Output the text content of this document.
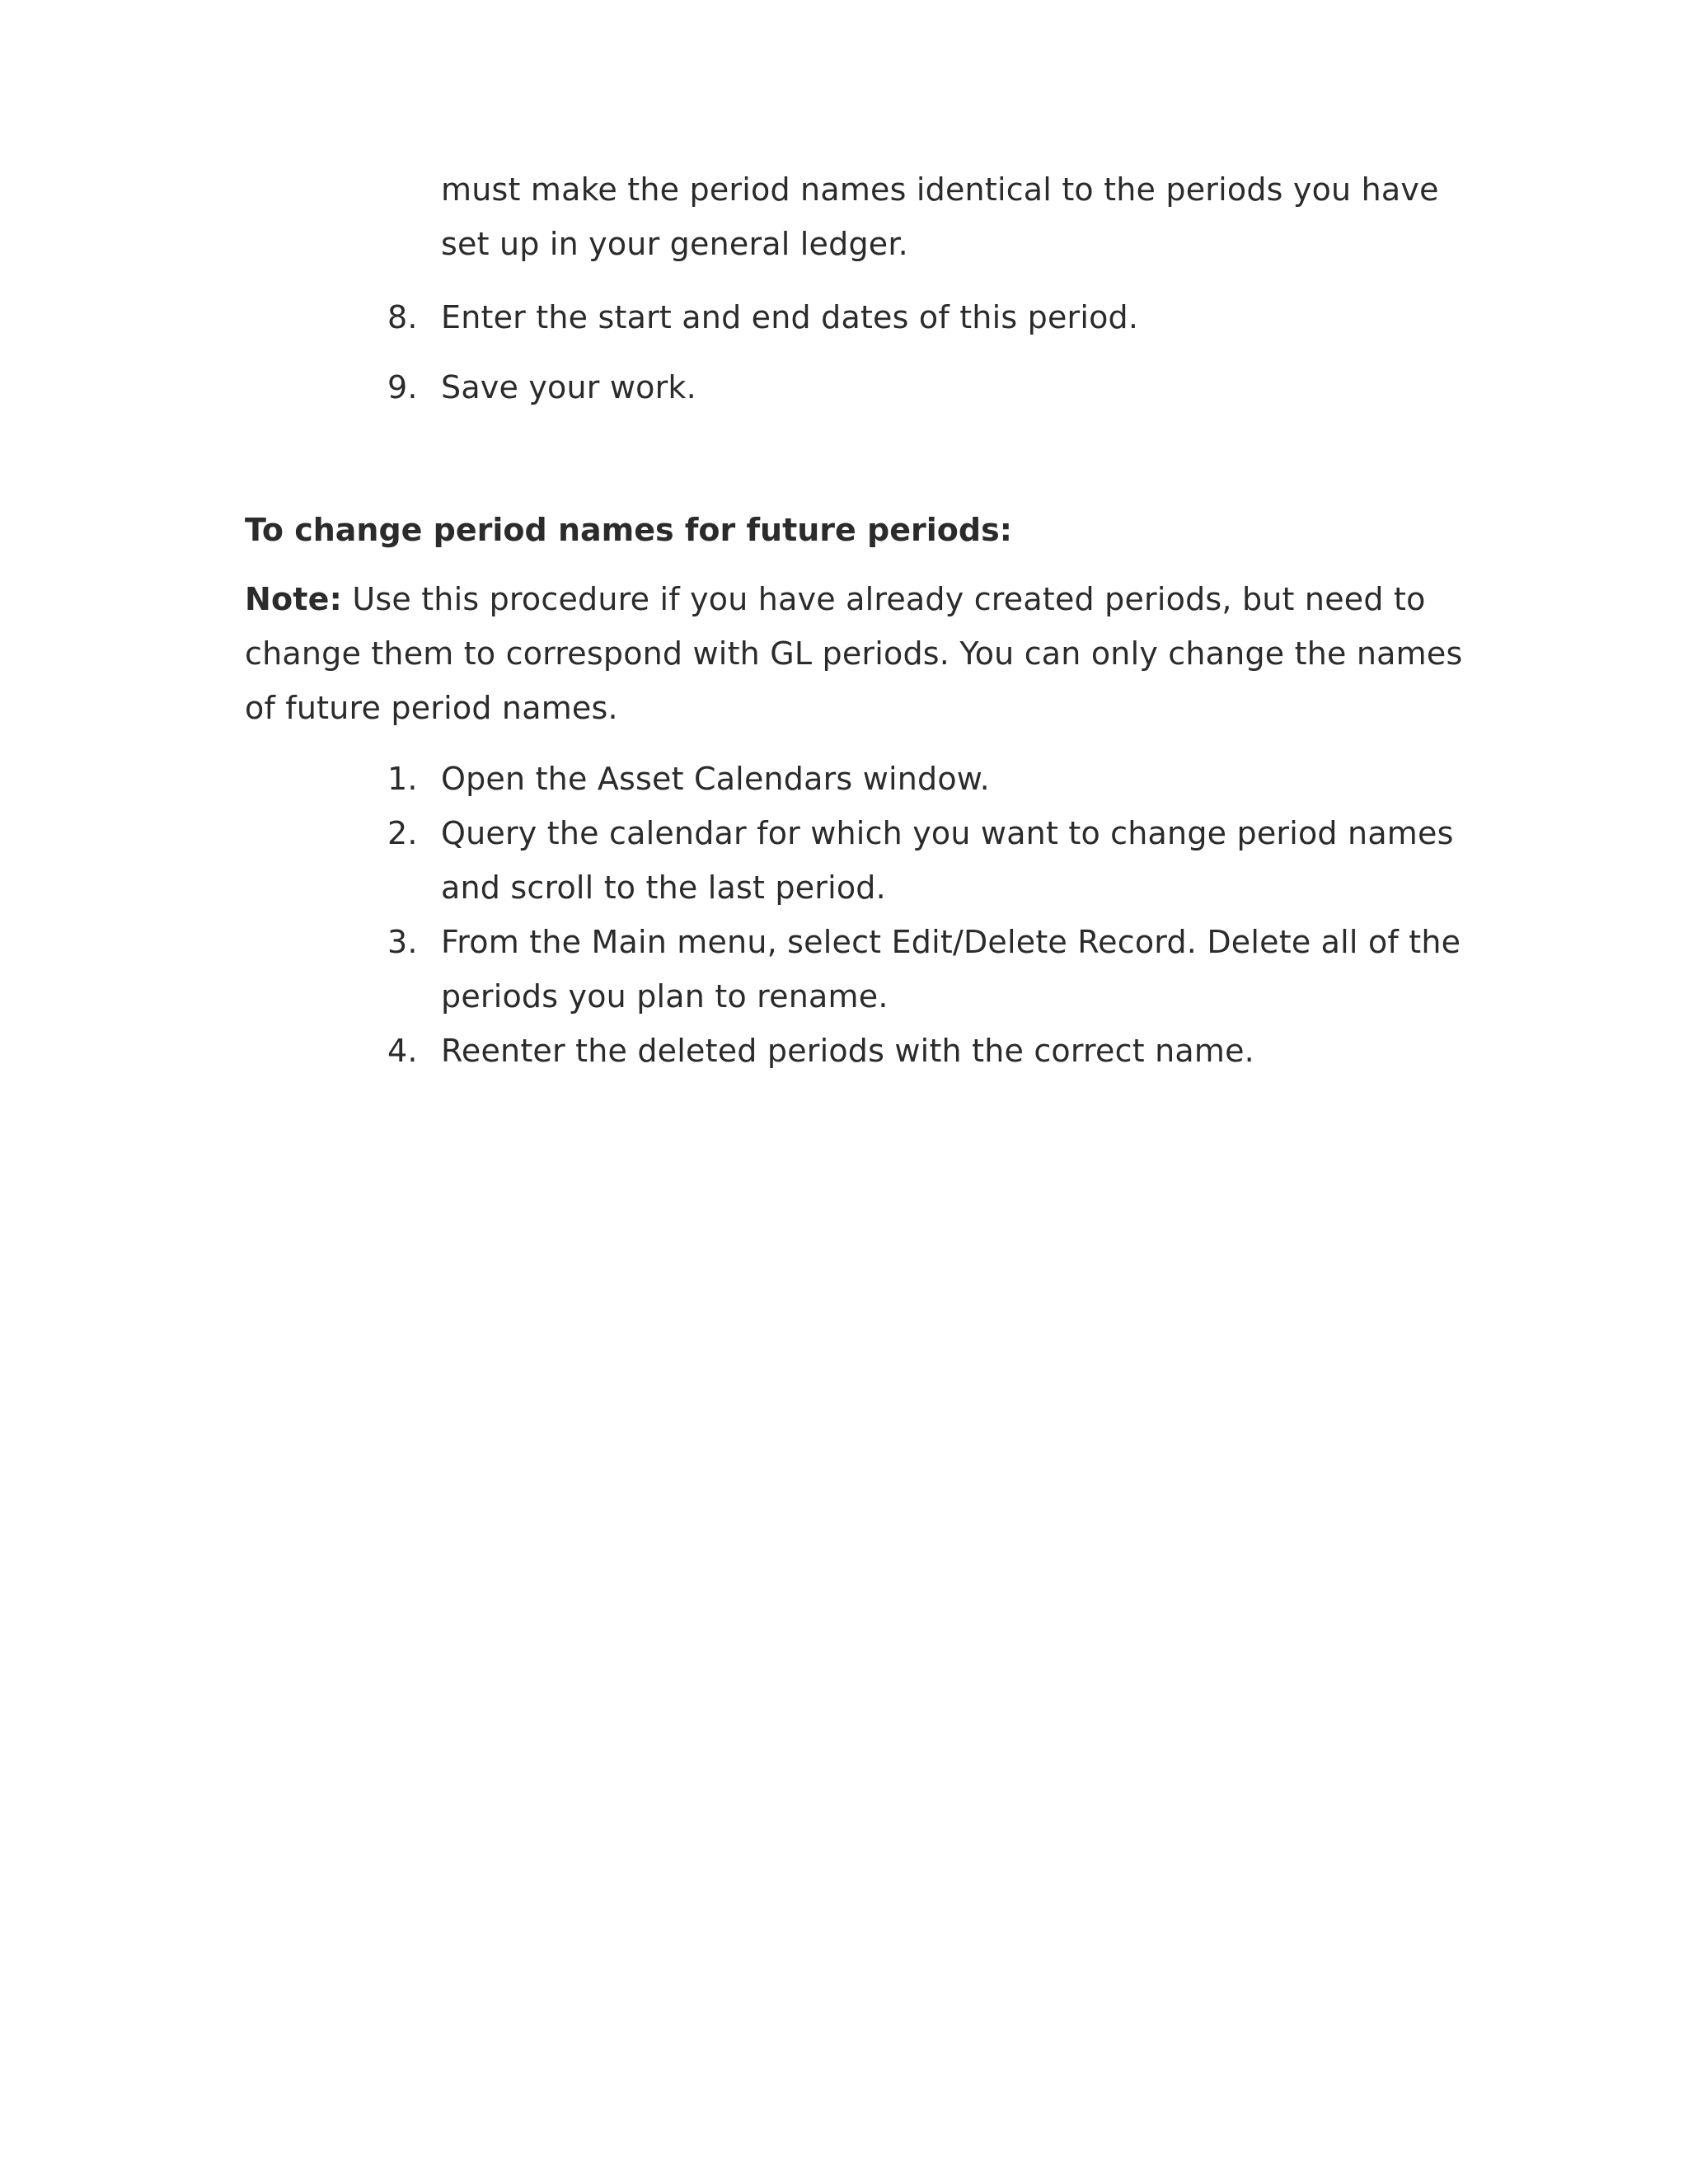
must make the period names identical to the periods you have
set up in your general ledger.
8. Enter the start and end dates of this period.
9. Save your work.
To change period names for future periods:
Note: Use this procedure if you have already created periods, but need to
change them to correspond with GL periods. You can only change the names
of future period names.
1. Open the Asset Calendars window.
2. Query the calendar for which you want to change period names
and scroll to the last period.
3. From the Main menu, select Edit/Delete Record. Delete all of the
periods you plan to rename.
4. Reenter the deleted periods with the correct name.
